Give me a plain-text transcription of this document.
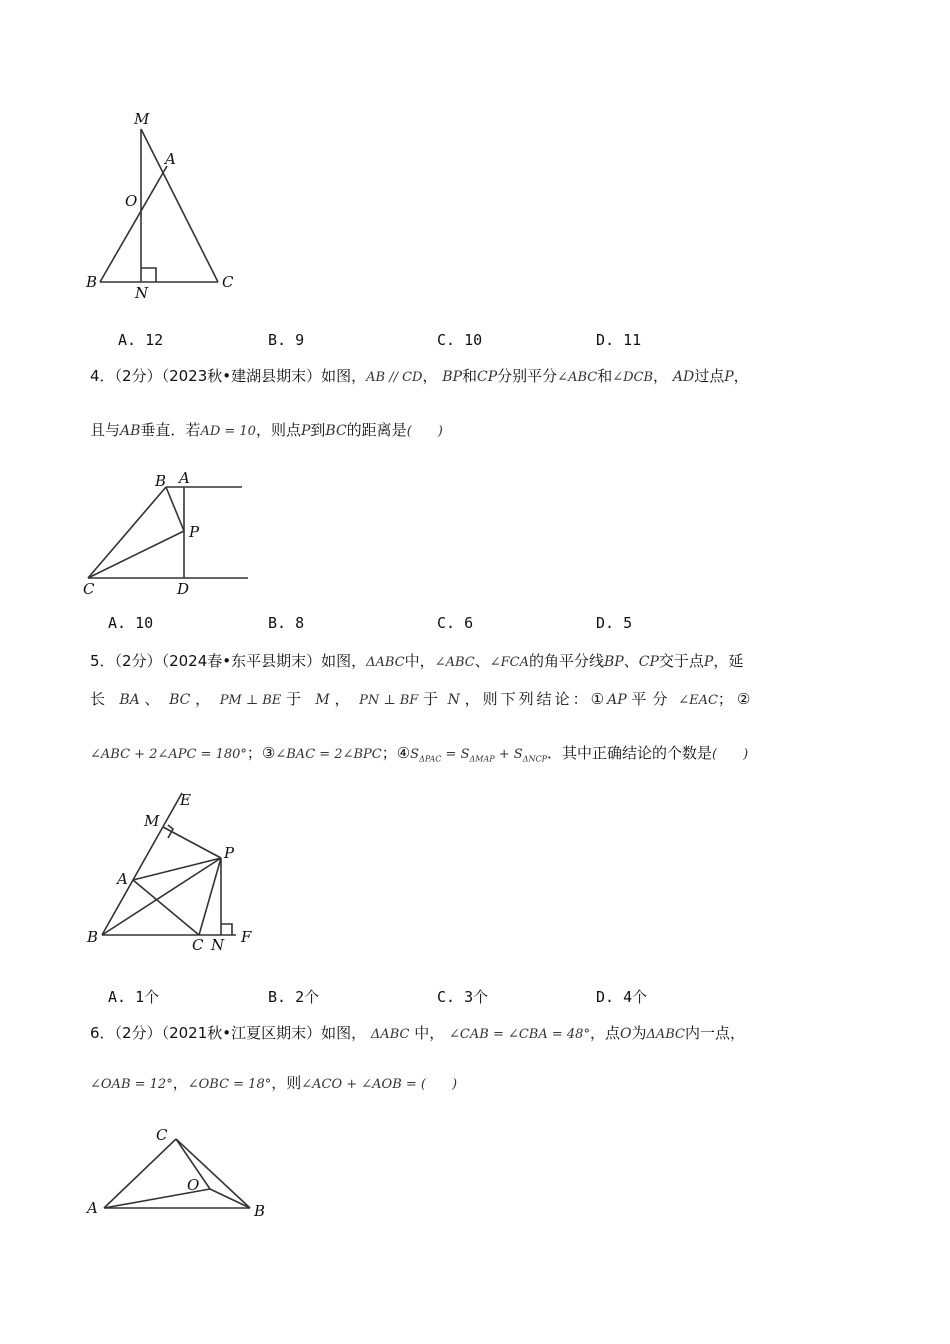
M
A
O
B
N
C
A. 12	B. 9	C. 10	D. 11
4．（2分）（2023秋•建湖县期末）如图，AB // CD， BP和CP分别平分∠ABC和∠DCB， AD过点P，
且与AB垂直．若AD = 10，则点P到BC的距离是(　　)
B A
P
C	D
A. 10	B. 8	C. 6	D. 5
5．（2分）（2024春•东平县期末）如图，ΔABC中，∠ABC、∠FCA的角平分线BP、CP交于点P，延
长 BA 、 BC ， PM ⊥ BE 于 M ， PN ⊥ BF 于 N ，则下列结论：①AP 平分 ∠EAC；②
∠ABC + 2∠APC = 180°；③∠BAC = 2∠BPC；$④S_{\Delta PAC} = S_{\Delta MAP} + S_{\Delta NCP}$．其中正确结论的个数是(　　)
E
M
P
A
B	C N F
A. 1个	B. 2个	C. 3个	D. 4个
6．（2分）（2021秋•江夏区期末）如图， ΔABC 中， ∠CAB = ∠CBA = 48°，点O为ΔABC内一点，
∠OAB = 12°，∠OBC = 18°，则∠ACO + ∠AOB = (　　)
C
O
A	B
